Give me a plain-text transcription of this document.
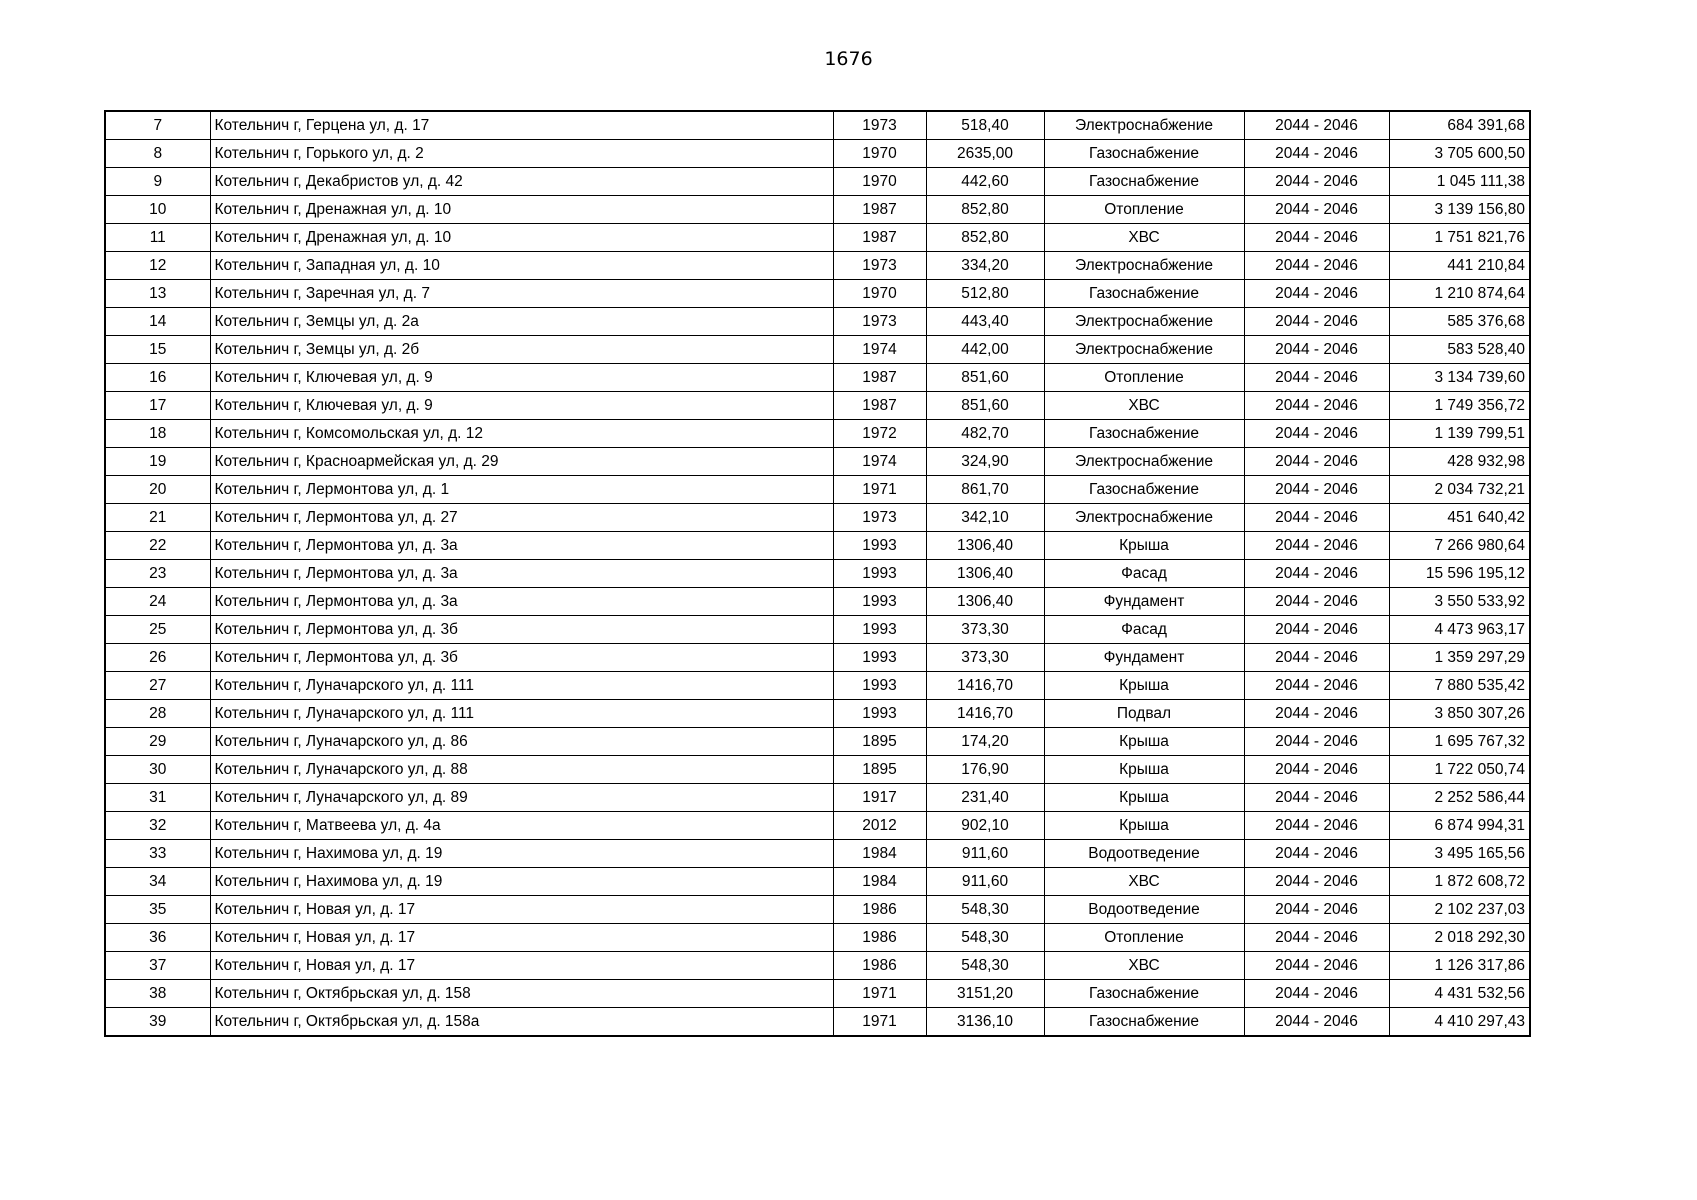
1676
7	Котельнич г, Герцена ул, д. 17	1973	518,40	Электроснабжение	2044 - 2046	684 391,68
8	Котельнич г, Горького ул, д. 2	1970	2635,00	Газоснабжение	2044 - 2046	3 705 600,50
9	Котельнич г, Декабристов ул, д. 42	1970	442,60	Газоснабжение	2044 - 2046	1 045 111,38
10	Котельнич г, Дренажная ул, д. 10	1987	852,80	Отопление	2044 - 2046	3 139 156,80
11	Котельнич г, Дренажная ул, д. 10	1987	852,80	ХВС	2044 - 2046	1 751 821,76
12	Котельнич г, Западная ул, д. 10	1973	334,20	Электроснабжение	2044 - 2046	441 210,84
13	Котельнич г, Заречная ул, д. 7	1970	512,80	Газоснабжение	2044 - 2046	1 210 874,64
14	Котельнич г, Земцы ул, д. 2а	1973	443,40	Электроснабжение	2044 - 2046	585 376,68
15	Котельнич г, Земцы ул, д. 2б	1974	442,00	Электроснабжение	2044 - 2046	583 528,40
16	Котельнич г, Ключевая ул, д. 9	1987	851,60	Отопление	2044 - 2046	3 134 739,60
17	Котельнич г, Ключевая ул, д. 9	1987	851,60	ХВС	2044 - 2046	1 749 356,72
18	Котельнич г, Комсомольская ул, д. 12	1972	482,70	Газоснабжение	2044 - 2046	1 139 799,51
19	Котельнич г, Красноармейская ул, д. 29	1974	324,90	Электроснабжение	2044 - 2046	428 932,98
20	Котельнич г, Лермонтова ул, д. 1	1971	861,70	Газоснабжение	2044 - 2046	2 034 732,21
21	Котельнич г, Лермонтова ул, д. 27	1973	342,10	Электроснабжение	2044 - 2046	451 640,42
22	Котельнич г, Лермонтова ул, д. 3а	1993	1306,40	Крыша	2044 - 2046	7 266 980,64
23	Котельнич г, Лермонтова ул, д. 3а	1993	1306,40	Фасад	2044 - 2046	15 596 195,12
24	Котельнич г, Лермонтова ул, д. 3а	1993	1306,40	Фундамент	2044 - 2046	3 550 533,92
25	Котельнич г, Лермонтова ул, д. 3б	1993	373,30	Фасад	2044 - 2046	4 473 963,17
26	Котельнич г, Лермонтова ул, д. 3б	1993	373,30	Фундамент	2044 - 2046	1 359 297,29
27	Котельнич г, Луначарского ул, д. 111	1993	1416,70	Крыша	2044 - 2046	7 880 535,42
28	Котельнич г, Луначарского ул, д. 111	1993	1416,70	Подвал	2044 - 2046	3 850 307,26
29	Котельнич г, Луначарского ул, д. 86	1895	174,20	Крыша	2044 - 2046	1 695 767,32
30	Котельнич г, Луначарского ул, д. 88	1895	176,90	Крыша	2044 - 2046	1 722 050,74
31	Котельнич г, Луначарского ул, д. 89	1917	231,40	Крыша	2044 - 2046	2 252 586,44
32	Котельнич г, Матвеева ул, д. 4а	2012	902,10	Крыша	2044 - 2046	6 874 994,31
33	Котельнич г, Нахимова ул, д. 19	1984	911,60	Водоотведение	2044 - 2046	3 495 165,56
34	Котельнич г, Нахимова ул, д. 19	1984	911,60	ХВС	2044 - 2046	1 872 608,72
35	Котельнич г, Новая ул, д. 17	1986	548,30	Водоотведение	2044 - 2046	2 102 237,03
36	Котельнич г, Новая ул, д. 17	1986	548,30	Отопление	2044 - 2046	2 018 292,30
37	Котельнич г, Новая ул, д. 17	1986	548,30	ХВС	2044 - 2046	1 126 317,86
38	Котельнич г, Октябрьская ул, д. 158	1971	3151,20	Газоснабжение	2044 - 2046	4 431 532,56
39	Котельнич г, Октябрьская ул, д. 158а	1971	3136,10	Газоснабжение	2044 - 2046	4 410 297,43
